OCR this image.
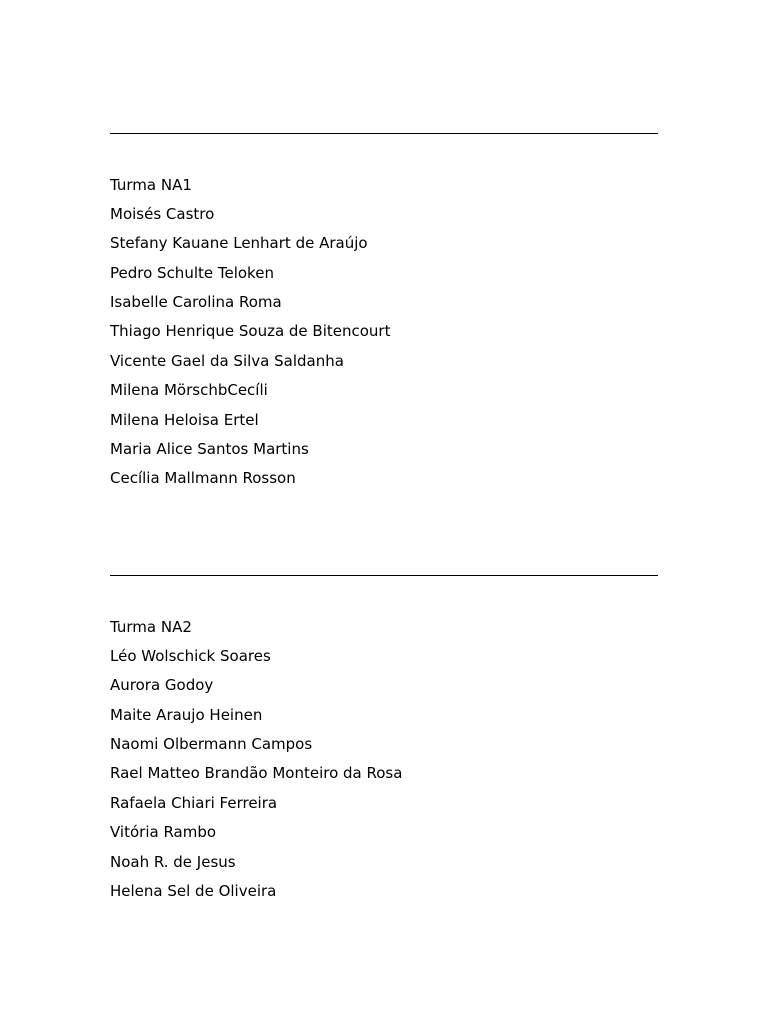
Turma NA1
Moisés Castro
Stefany Kauane Lenhart de Araújo
Pedro Schulte Teloken
Isabelle Carolina Roma
Thiago Henrique Souza de Bitencourt
Vicente Gael da Silva Saldanha
Milena MörschbCecíli
Milena Heloisa Ertel
Maria Alice Santos Martins
Cecília Mallmann Rosson
Turma NA2
Léo Wolschick Soares
Aurora Godoy
Maite Araujo Heinen
Naomi Olbermann Campos
Rael Matteo Brandão Monteiro da Rosa
Rafaela Chiari Ferreira
Vitória Rambo
Noah R. de Jesus
Helena Sel de Oliveira
